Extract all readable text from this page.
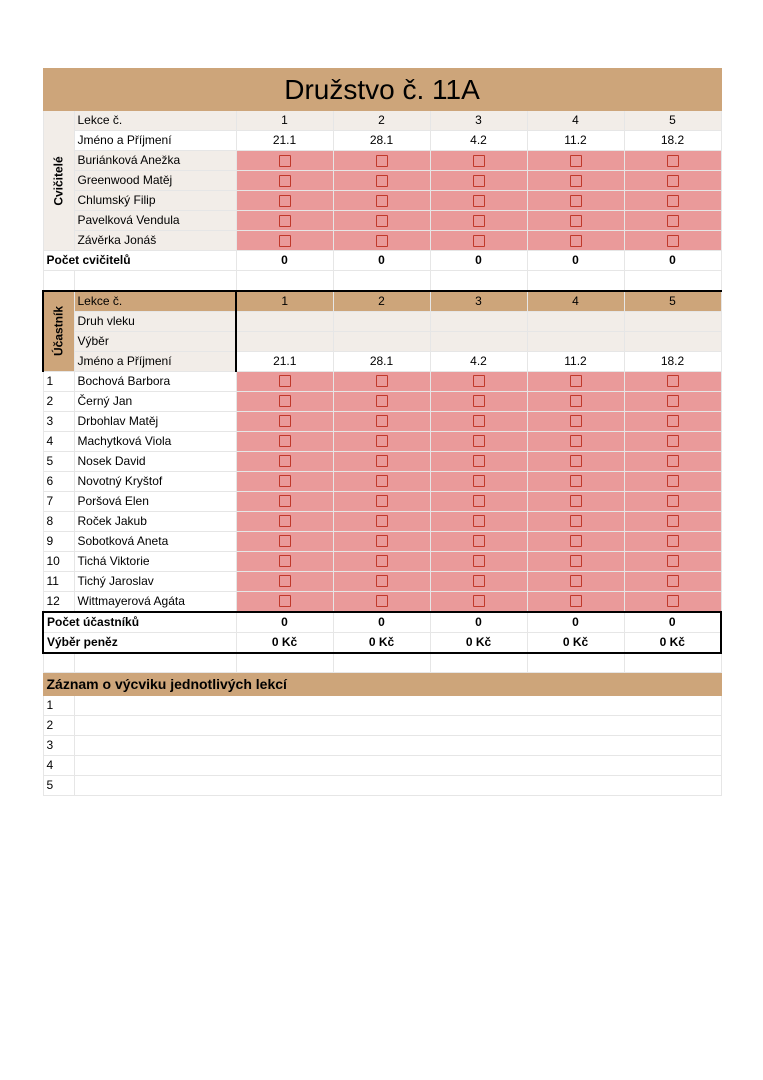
Družstvo č. 11A						

Cvičitelé	Lekce č.	1	2	3	4	5
	Jméno a Příjmení	21.1	28.1	4.2	11.2	18.2
	Buriánková Anežka					
	Greenwood Matěj					
	Chlumský Filip					
	Pavelková Vendula					
	Závěrka Jonáš					
Počet cvičitelů		0	0	0	0	0

Účastník	Lekce č.	1	2	3	4	5
	Druh vleku					
	Výběr					
	Jméno a Příjmení	21.1	28.1	4.2	11.2	18.2
1	Bochová Barbora					
2	Černý Jan					
3	Drbohlav Matěj					
4	Machytková Viola					
5	Nosek David					
6	Novotný Kryštof					
7	Poršová Elen					
8	Roček Jakub					
9	Sobotková Aneta					
10	Tichá Viktorie					
11	Tichý Jaroslav					
12	Wittmayerová Agáta					
Počet účastníků		0	0	0	0	0
Výběr peněz		0 Kč	0 Kč	0 Kč	0 Kč	0 Kč

Záznam o výcviku jednotlivých lekcí						
1						
2						
3						
4						
5						
